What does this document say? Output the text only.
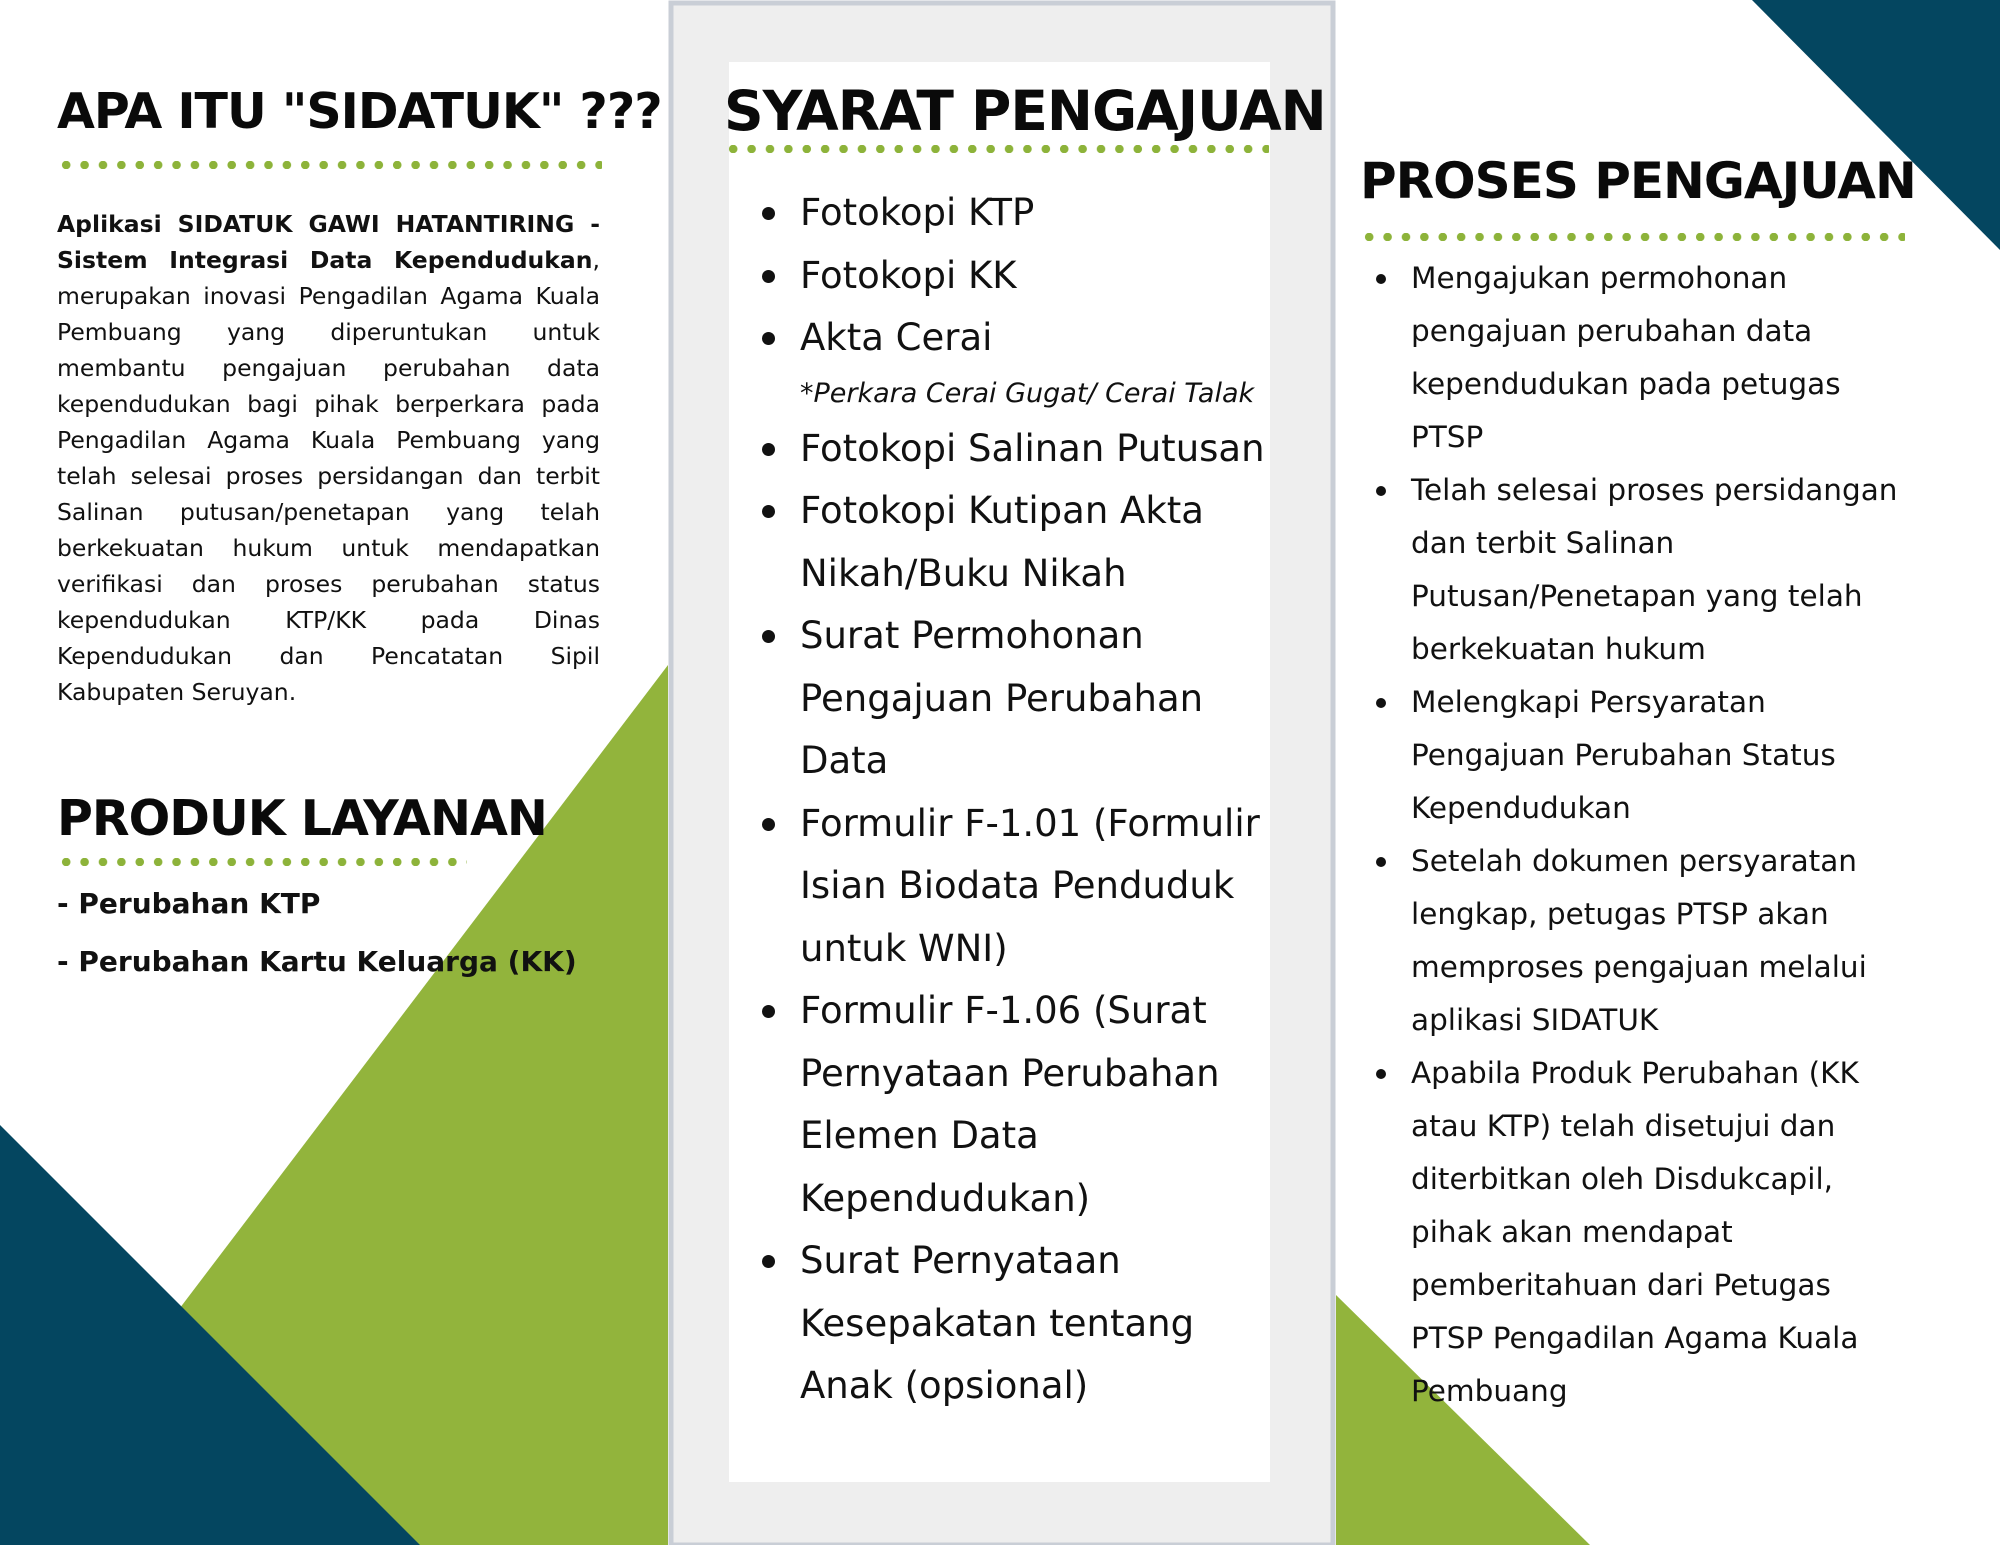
APA ITU "SIDATUK" ???
Aplikasi SIDATUK GAWI HATANTIRING - Sistem Integrasi Data Kependudukan, merupakan inovasi Pengadilan Agama Kuala Pembuang yang diperuntukan untuk membantu pengajuan perubahan data kependudukan bagi pihak berperkara pada Pengadilan Agama Kuala Pembuang yang telah selesai proses persidangan dan terbit Salinan putusan/penetapan yang telah berkekuatan hukum untuk mendapatkan verifikasi dan proses perubahan status kependudukan KTP/KK pada Dinas Kependudukan dan Pencatatan Sipil Kabupaten Seruyan.
PRODUK LAYANAN
- Perubahan KTP
- Perubahan Kartu Keluarga (KK)
SYARAT PENGAJUAN
Fotokopi KTP
Fotokopi KK
Akta Cerai
*Perkara Cerai Gugat/ Cerai Talak
Fotokopi Salinan Putusan
Fotokopi Kutipan Akta Nikah/Buku Nikah
Surat Permohonan Pengajuan Perubahan Data
Formulir F-1.01 (Formulir Isian Biodata Penduduk untuk WNI)
Formulir F-1.06 (Surat Pernyataan Perubahan Elemen Data Kependudukan)
Surat Pernyataan Kesepakatan tentang Anak (opsional)
PROSES PENGAJUAN
Mengajukan permohonan pengajuan perubahan data kependudukan pada petugas PTSP
Telah selesai proses persidangan dan terbit Salinan Putusan/Penetapan yang telah berkekuatan hukum
Melengkapi Persyaratan Pengajuan Perubahan Status Kependudukan
Setelah dokumen persyaratan lengkap, petugas PTSP akan memproses pengajuan melalui aplikasi SIDATUK
Apabila Produk Perubahan (KK atau KTP) telah disetujui dan diterbitkan oleh Disdukcapil, pihak akan mendapat pemberitahuan dari Petugas PTSP Pengadilan Agama Kuala Pembuang
